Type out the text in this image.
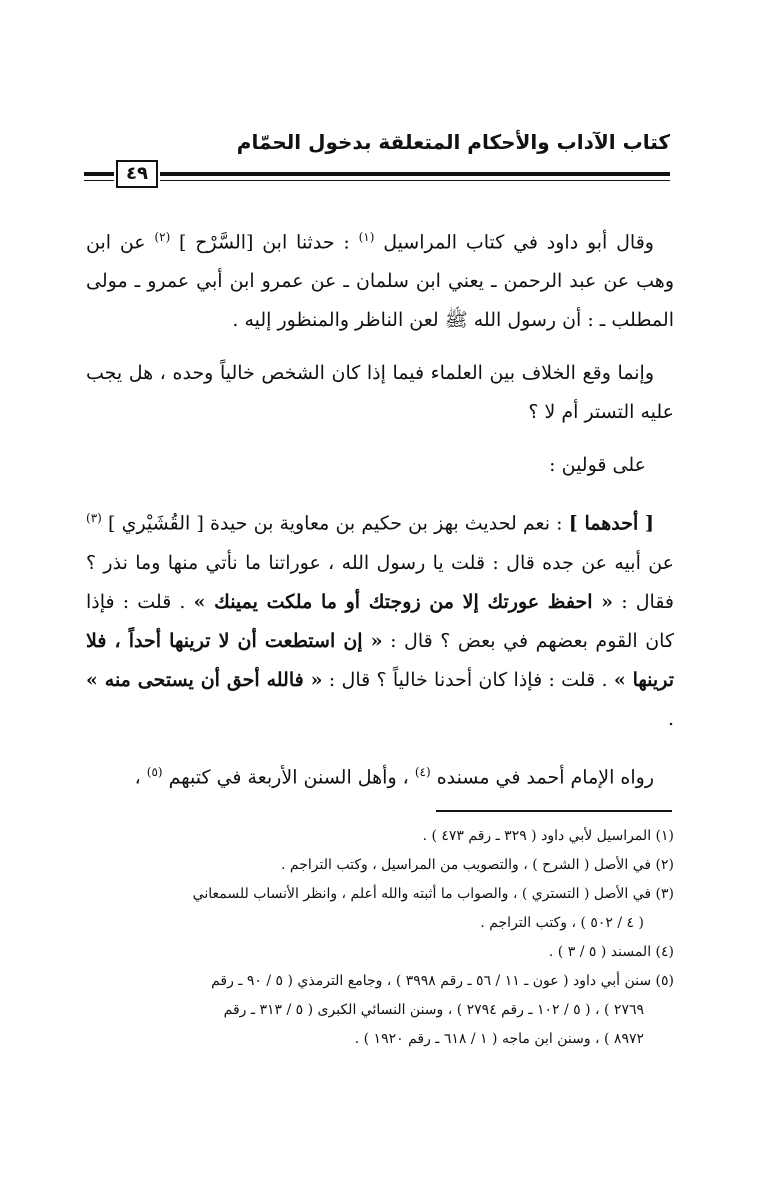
كتاب الآداب والأحكام المتعلقة بدخول الحمّام
٤٩

وقال أبو داود في كتاب المراسيل $^{(١)}$ : حدثنا ابن [السَّرْح ] $^{(٢)}$ عن ابن وهب عن عبد الرحمن ـ يعني ابن سلمان ـ عن عمرو ابن أبي عمرو ـ مولى المطلب ـ : أن رسول الله ﷺ لعن الناظر والمنظور إليه .

وإنما وقع الخلاف بين العلماء فيما إذا كان الشخص خالياً وحده ، هل يجب عليه التستر أم لا ؟

على قولين :

[ أحدهما ] : نعم لحديث بهز بن حكيم بن معاوية بن حيدة [ القُشَيْري ] $^{(٣)}$ عن أبيه عن جده قال : قلت يا رسول الله ، عوراتنا ما نأتي منها وما نذر ؟ فقال : « احفظ عورتك إلا من زوجتك أو ما ملكت يمينك » . قلت : فإذا كان القوم بعضهم في بعض ؟ قال : « إن استطعت أن لا ترينها أحداً ، فلا ترينها » . قلت : فإذا كان أحدنا خالياً ؟ قال : « فالله أحق أن يستحى منه » .

رواه الإمام أحمد في مسنده $^{(٤)}$ ، وأهل السنن الأربعة في كتبهم $^{(٥)}$ ،

(١) المراسيل لأبي داود ( ٣٢٩ ـ رقم ٤٧٣ ) .

(٢) في الأصل ( الشرح ) ، والتصويب من المراسيل ، وكتب التراجم .

(٣) في الأصل ( التستري ) ، والصواب ما أثبته والله أعلم ، وانظر الأنساب للسمعاني

( ٤ / ٥٠٢ ) ، وكتب التراجم .

(٤) المسند ( ٥ / ٣ ) .

(٥) سنن أبي داود ( عون ـ ١١ / ٥٦ ـ رقم ٣٩٩٨ ) ، وجامع الترمذي ( ٥ / ٩٠ ـ رقم

٢٧٦٩ ) ، ( ٥ / ١٠٢ ـ رقم ٢٧٩٤ ) ، وسنن النسائي الكبرى ( ٥ / ٣١٣ ـ رقم

٨٩٧٢ ) ، وسنن ابن ماجه ( ١ / ٦١٨ ـ رقم ١٩٢٠ ) .
